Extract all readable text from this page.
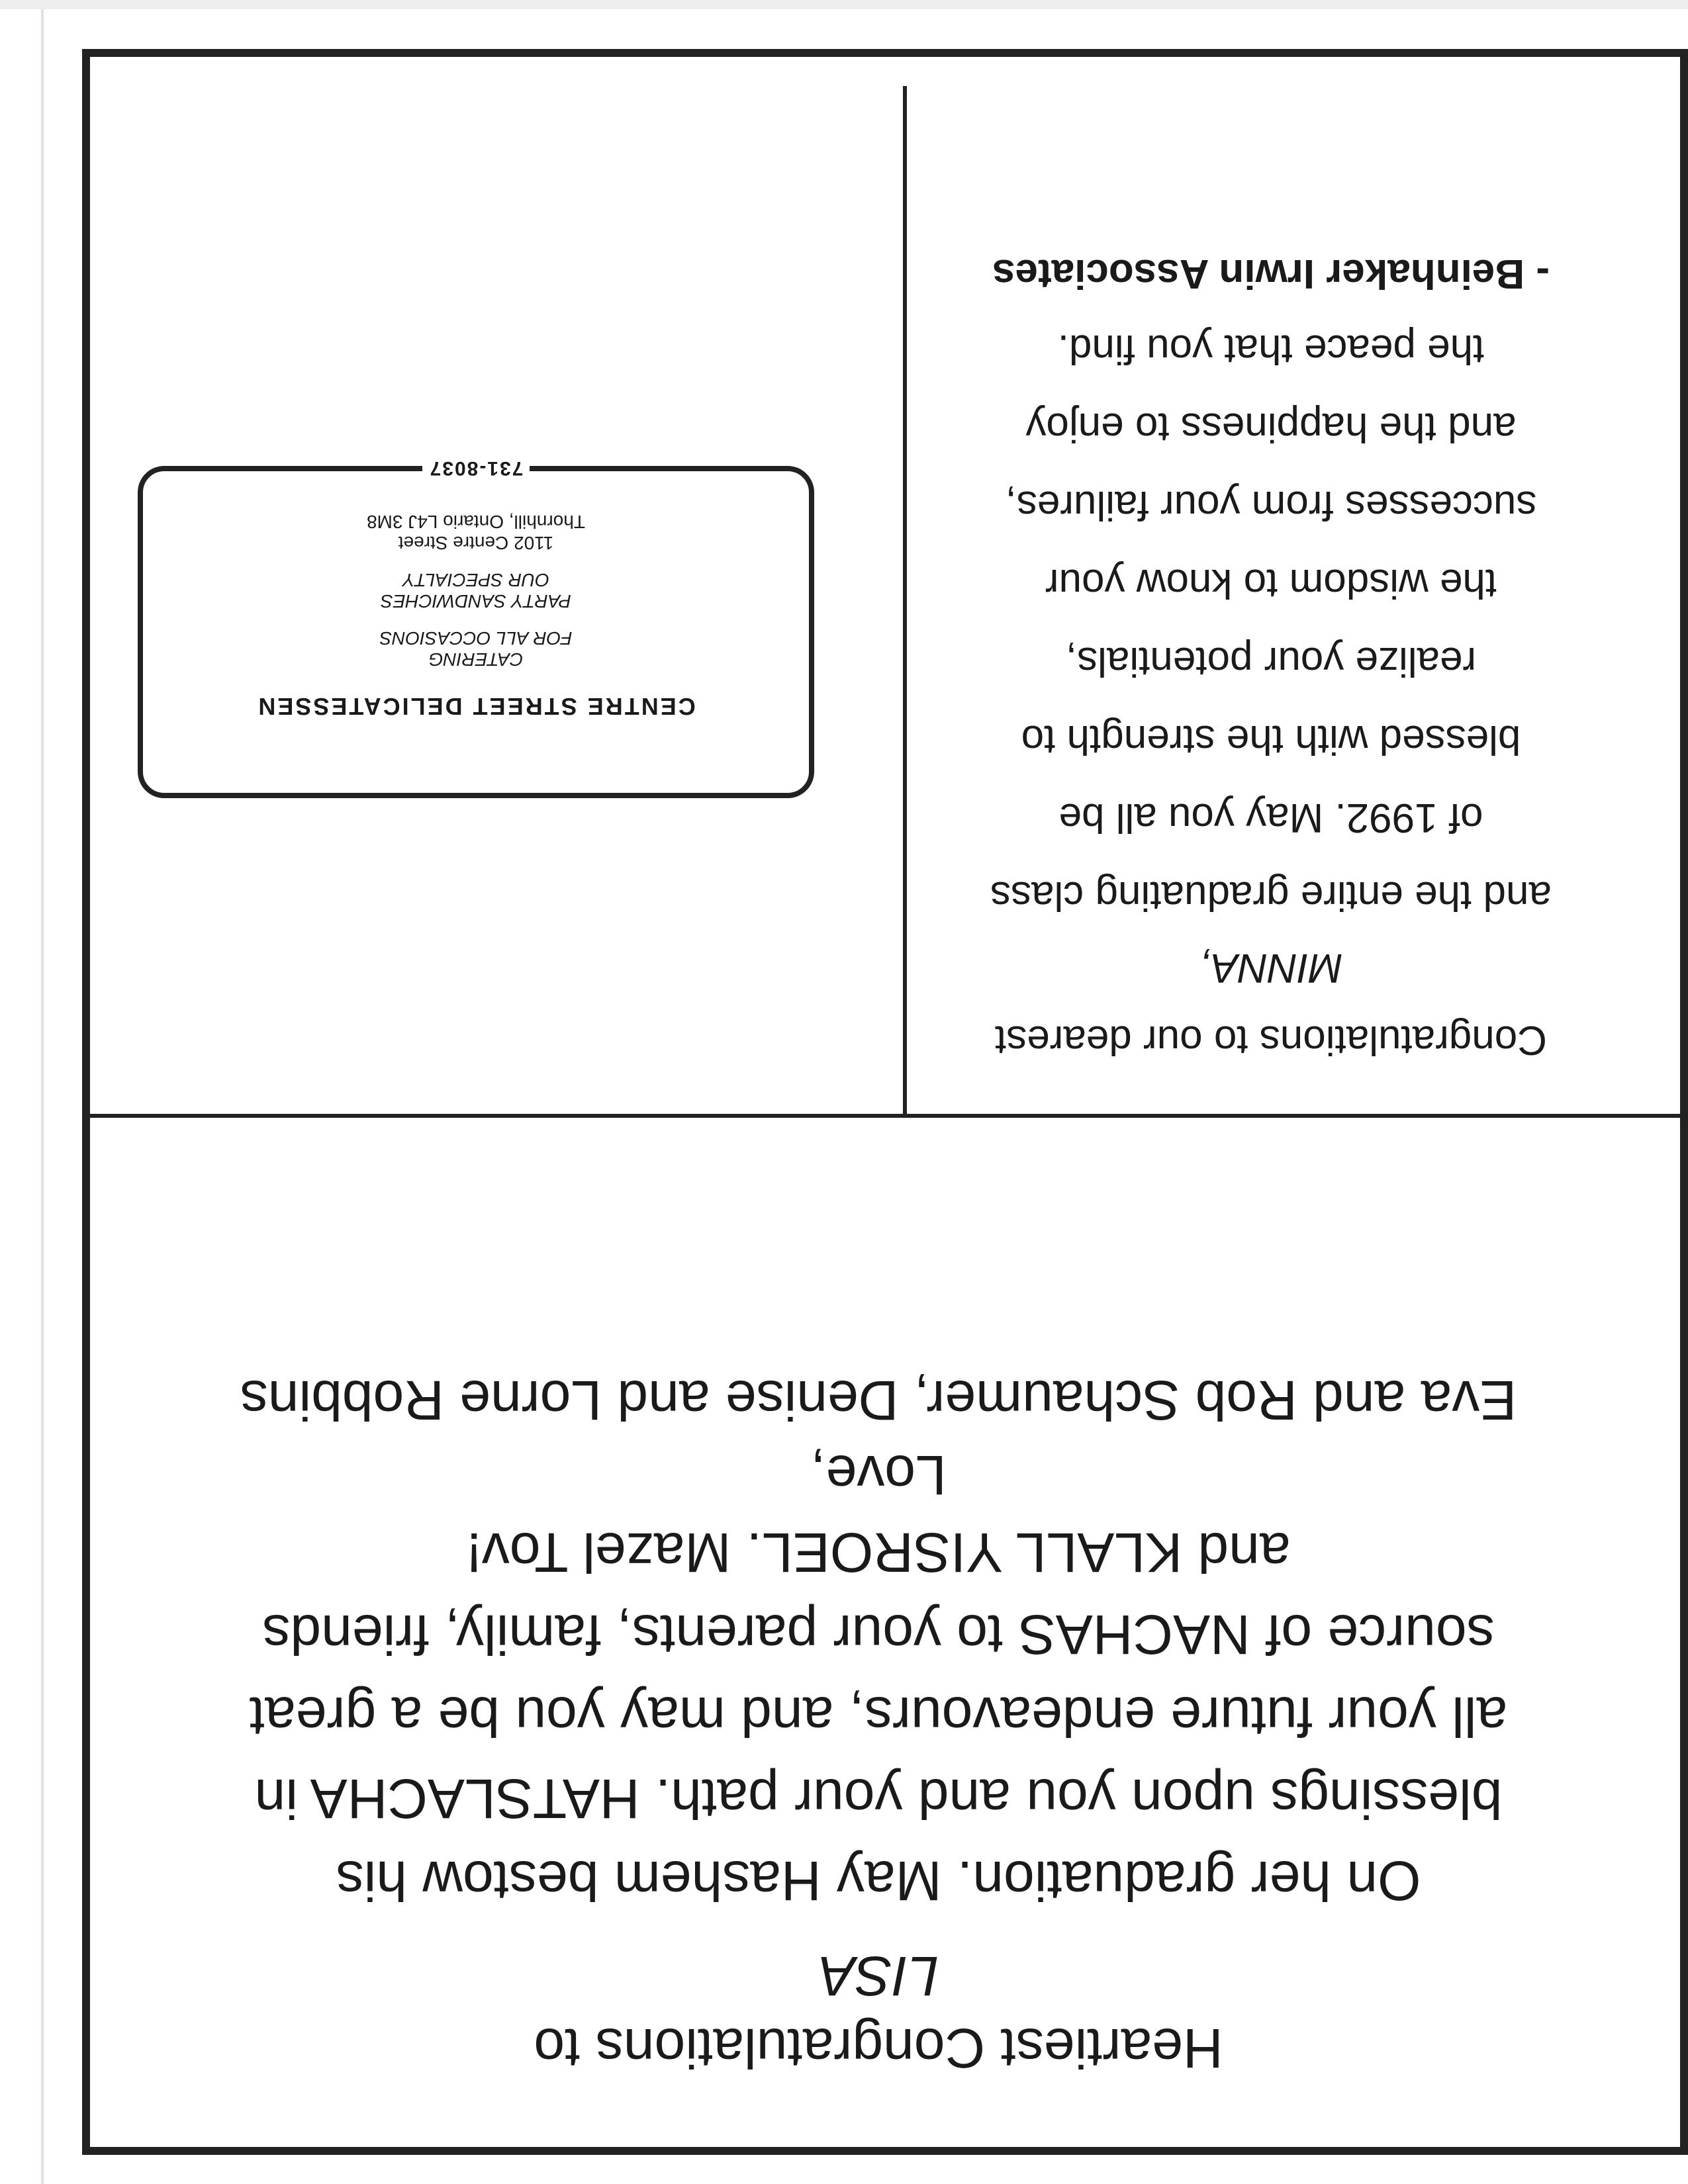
Heartiest Congratulations to
LISA
On her graduation. May Hashem bestow his
blessings upon you and your path. HATSLACHA in
all your future endeavours, and may you be a great
source of NACHAS to your parents, family, friends
and KLALL YISROEL. Mazel Tov!
Love,
Eva and Rob Schaumer, Denise and Lorne Robbins
Congratulations to our dearest
MINNA,
and the entire graduating class
of 1992. May you all be
blessed with the strength to
realize your potentials,
the wisdom to know your
successes from your failures,
and the happiness to enjoy
the peace that you find.
- Beinhaker Irwin Associates
CENTRE STREET DELICATESSEN
CATERING
FOR ALL OCCASIONS
PARTY SANDWICHES
OUR SPECIALTY
1102 Centre Street
Thornhill, Ontario L4J 3M8
731-8037
